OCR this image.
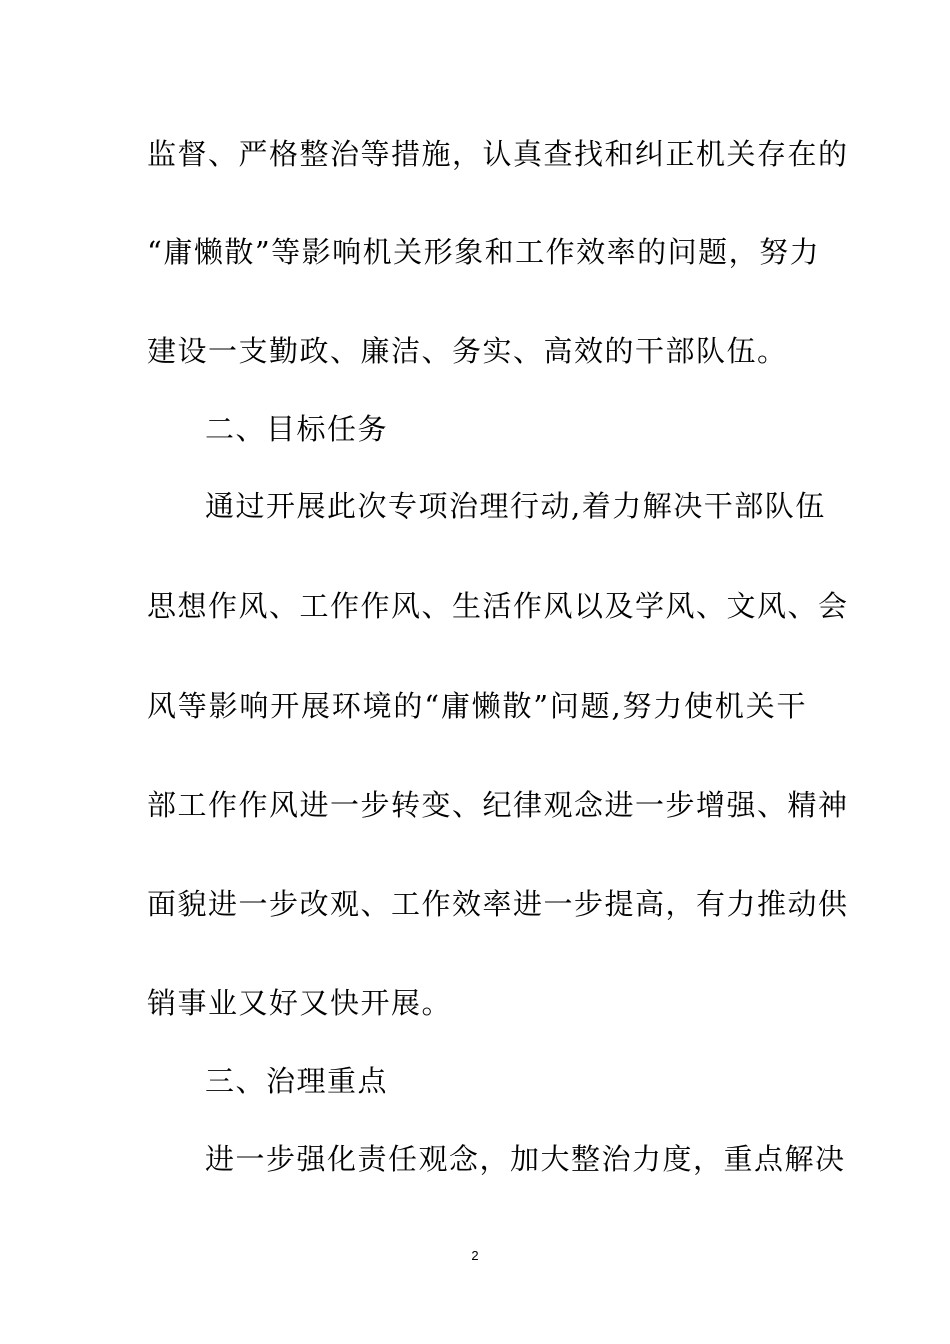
监督、严格整治等措施，认真查找和纠正机关存在的
“庸懒散”等影响机关形象和工作效率的问题，努力
建设一支勤政、廉洁、务实、高效的干部队伍。
二、目标任务
通过开展此次专项治理行动,着力解决干部队伍
思想作风、工作作风、生活作风以及学风、文风、会
风等影响开展环境的“庸懒散”问题,努力使机关干
部工作作风进一步转变、纪律观念进一步增强、精神
面貌进一步改观、工作效率进一步提高，有力推动供
销事业又好又快开展。
三、治理重点
进一步强化责任观念，加大整治力度，重点解决
2
